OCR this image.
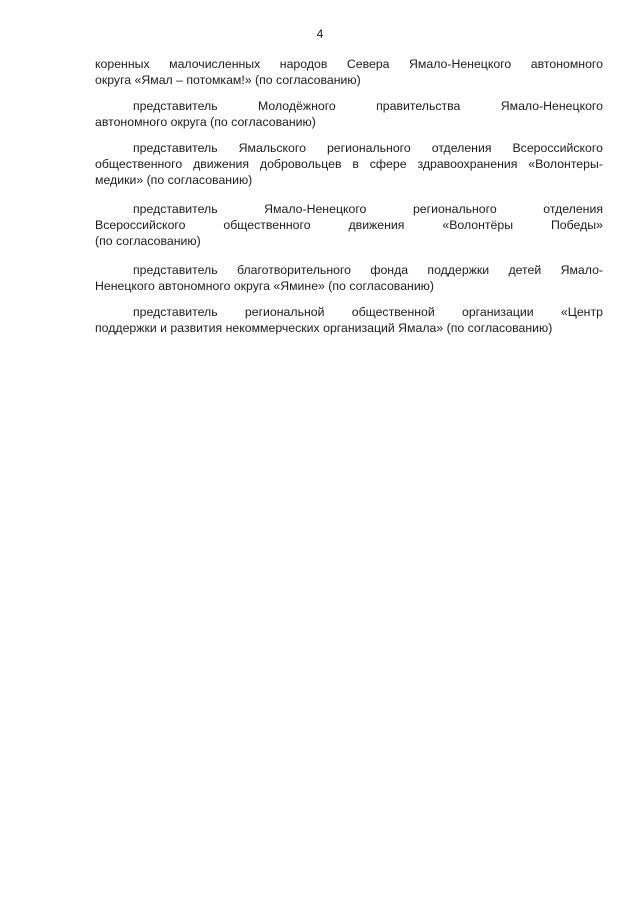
4
коренных малочисленных народов Севера Ямало-Ненецкого автономного
округа «Ямал – потомкам!» (по согласованию)
представитель	Молодёжного	правительства	Ямало-Ненецкого
автономного округа (по согласованию)
представитель Ямальского регионального отделения Всероссийского
общественного движения добровольцев в сфере здравоохранения «Волонтеры-
медики» (по согласованию)
представитель	Ямало-Ненецкого	регионального	отделения
Всероссийского	общественного	движения	«Волонтёры	Победы»
(по согласованию)
представитель благотворительного фонда поддержки детей Ямало-
Ненецкого автономного округа «Ямине» (по согласованию)
представитель региональной общественной организации «Центр
поддержки и развития некоммерческих организаций Ямала» (по согласованию)
